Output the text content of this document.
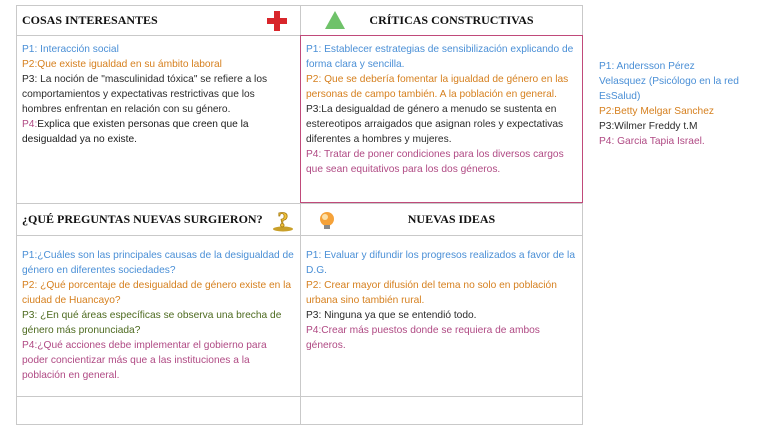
COSAS INTERESANTES	CRÍTICAS CONSTRUCTIVAS

P1: Interacción social

P2:Que existe igualdad en su ámbito laboral

P3: La noción de "masculinidad tóxica" se refiere a los comportamientos y expectativas restrictivas que los hombres enfrentan en relación con su género.

P4:Explica que existen personas que creen que la desigualdad ya no existe.

P1: Establecer estrategias de sensibilización explicando de forma clara y sencilla.

P2: Que se debería fomentar la igualdad de género en las personas de campo también. A la población en general.

P3:La desigualdad de género a menudo se sustenta en estereotipos arraigados que asignan roles y expectativas diferentes a hombres y mujeres.

P4: Tratar de poner condiciones para los diversos cargos que sean equitativos para los dos géneros.

¿QUÉ PREGUNTAS NUEVAS SURGIERON? ?	NUEVAS IDEAS

P1:¿Cuáles son las principales causas de la desigualdad de género en diferentes sociedades?

P2: ¿Qué porcentaje de desigualdad de género existe en la ciudad de Huancayo?

P3: ¿En qué áreas específicas se observa una brecha de género más pronunciada?

P4:¿Qué acciones debe implementar el gobierno para poder concientizar más que a las instituciones a la población en general.

P1: Evaluar y difundir los progresos realizados a favor de la D.G.

P2: Crear mayor difusión del tema no solo en población urbana sino también rural.

P3: Ninguna ya que se entendió todo.

P4:Crear más puestos donde se requiera de ambos géneros.

P1: Andersson Pérez Velasquez (Psicólogo en la red EsSalud)

P2:Betty Melgar Sanchez

P3:Wilmer Freddy t.M

P4: Garcia Tapia Israel.
